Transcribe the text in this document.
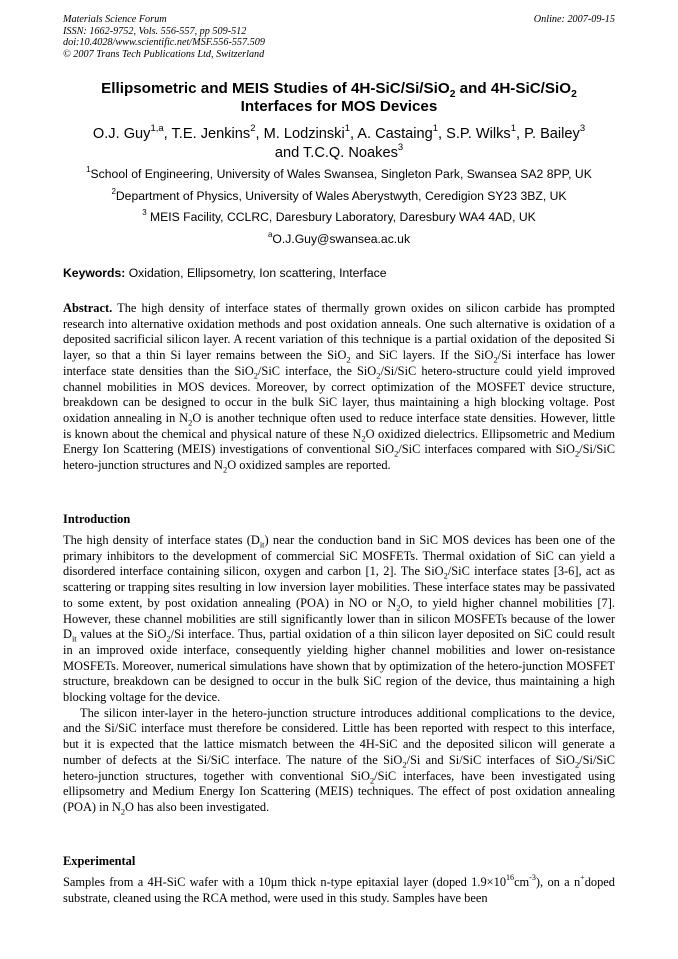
Materials Science Forum
ISSN: 1662-9752, Vols. 556-557, pp 509-512
doi:10.4028/www.scientific.net/MSF.556-557.509
© 2007 Trans Tech Publications Ltd, Switzerland
Online: 2007-09-15
Ellipsometric and MEIS Studies of 4H-SiC/Si/SiO$_2$ and 4H-SiC/SiO$_2$
Interfaces for MOS Devices
O.J. Guy$^{1,a}$, T.E. Jenkins$^2$, M. Lodzinski$^1$, A. Castaing$^1$, S.P. Wilks$^1$, P. Bailey$^3$
and T.C.Q. Noakes$^3$
$^1$School of Engineering, University of Wales Swansea, Singleton Park, Swansea SA2 8PP, UK
$^2$Department of Physics, University of Wales Aberystwyth, Ceredigion SY23 3BZ, UK
$^3$ MEIS Facility, CCLRC, Daresbury Laboratory, Daresbury WA4 4AD, UK
$^a$O.J.Guy@swansea.ac.uk
Keywords: Oxidation, Ellipsometry, Ion scattering, Interface

Abstract. The high density of interface states of thermally grown oxides on silicon carbide has prompted research into alternative oxidation methods and post oxidation anneals. One such alternative is oxidation of a deposited sacrificial silicon layer. A recent variation of this technique is a partial oxidation of the deposited Si layer, so that a thin Si layer remains between the SiO$_2$ and SiC layers. If the SiO$_2$/Si interface has lower interface state densities than the SiO$_2$/SiC interface, the SiO$_2$/Si/SiC hetero-structure could yield improved channel mobilities in MOS devices. Moreover, by correct optimization of the MOSFET device structure, breakdown can be designed to occur in the bulk SiC layer, thus maintaining a high blocking voltage. Post oxidation annealing in $N_2O$ is another technique often used to reduce interface state densities. However, little is known about the chemical and physical nature of these $N_2O$ oxidized dielectrics. Ellipsometric and Medium Energy Ion Scattering (MEIS) investigations of conventional SiO$_2$/SiC interfaces compared with SiO$_2$/Si/SiC hetero-junction structures and $N_2O$ oxidized samples are reported.

Introduction

The high density of interface states $(D_{it})$ near the conduction band in SiC MOS devices has been one of the primary inhibitors to the development of commercial SiC MOSFETs. Thermal oxidation of SiC can yield a disordered interface containing silicon, oxygen and carbon [1, 2]. The SiO$_2$/SiC interface states [3-6], act as scattering or trapping sites resulting in low inversion layer mobilities. These interface states may be passivated to some extent, by post oxidation annealing (POA) in NO or $N_2O$, to yield higher channel mobilities [7]. However, these channel mobilities are still significantly lower than in silicon MOSFETs because of the lower $D_{it}$ values at the SiO$_2$/Si interface. Thus, partial oxidation of a thin silicon layer deposited on SiC could result in an improved oxide interface, consequently yielding higher channel mobilities and lower on-resistance MOSFETs. Moreover, numerical simulations have shown that by optimization of the hetero-junction MOSFET structure, breakdown can be designed to occur in the bulk SiC region of the device, thus maintaining a high blocking voltage for the device.

The silicon inter-layer in the hetero-junction structure introduces additional complications to the device, and the Si/SiC interface must therefore be considered. Little has been reported with respect to this interface, but it is expected that the lattice mismatch between the 4H-SiC and the deposited silicon will generate a number of defects at the Si/SiC interface. The nature of the SiO$_2$/Si and Si/SiC interfaces of SiO$_2$/Si/SiC hetero-junction structures, together with conventional SiO$_2$/SiC interfaces, have been investigated using ellipsometry and Medium Energy Ion Scattering (MEIS) techniques. The effect of post oxidation annealing (POA) in $N_2O$ has also been investigated.

Experimental

Samples from a 4H-SiC wafer with a 10μm thick n-type epitaxial layer (doped $1.9\times 10^{16}cm^{-3}$), on a n+doped substrate, cleaned using the RCA method, were used in this study. Samples have been
